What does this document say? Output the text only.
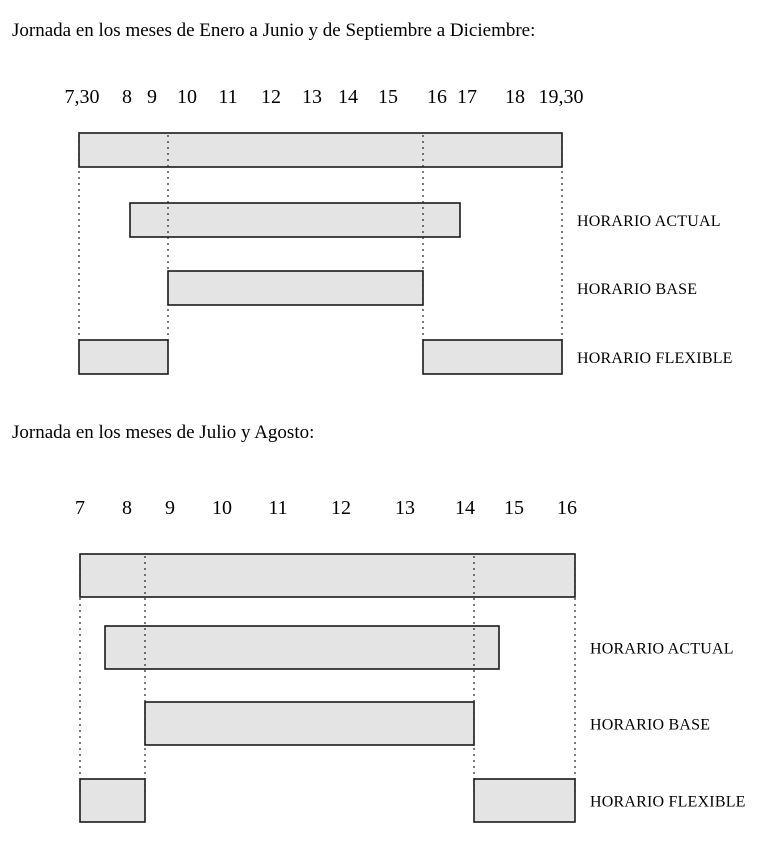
Jornada en los meses de Enero a Junio y de Septiembre a Diciembre:
7,30 8 9 10 11 12 13 14 15 16 17 18 19,30
HORARIO ACTUAL
HORARIO BASE
HORARIO FLEXIBLE
Jornada en los meses de Julio y Agosto:
7 8 9 10 11 12 13 14 15 16
HORARIO ACTUAL
HORARIO BASE
HORARIO FLEXIBLE
